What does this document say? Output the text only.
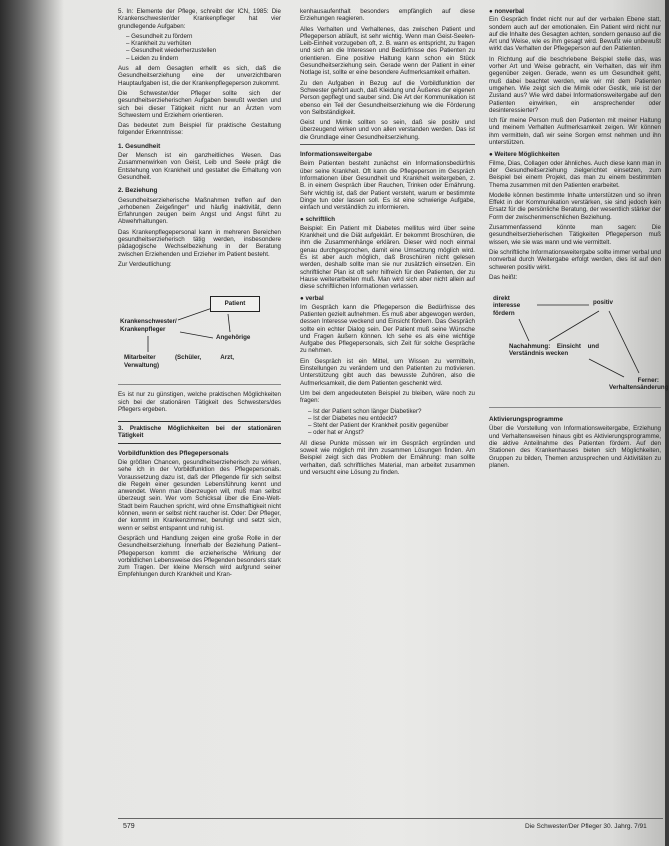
5. In: Elemente der Pflege, schreibt der ICN, 1985: Die Krankenschwester/der Krankenpfleger hat vier grundlegende Aufgaben:

– Gesundheit zu fördern
– Krankheit zu verhüten
– Gesundheit wiederherzustellen
– Leiden zu lindern

Aus all dem Gesagten erhellt es sich, daß die Gesundheitserziehung eine der unverzichtbaren Hauptaufgaben ist, die der Krankenpflegeperson zukommt.

Die Schwester/der Pfleger sollte sich der gesundheitserzieherischen Aufgaben bewußt werden und sich bei dieser Tätigkeit nicht nur an Ärzten vom Schwestern und Erziehern orientieren.

Das bedeutet zum Beispiel für praktische Gestaltung folgender Erkenntnisse:

1. Gesundheit

Der Mensch ist ein ganzheitliches Wesen. Das Zusammenwirken von Geist, Leib und Seele prägt die Entstehung von Krankheit und gestaltet die Erhaltung von Gesundheit.

2. Beziehung

Gesundheitserzieherische Maßnahmen treffen auf den „erhobenen Zeigefinger“ und häufig inaktivität, denn Erfahrungen zeugen beim Angst und Angst führt zu Abwehrhaltungen.

Das Krankenpflegepersonal kann in mehreren Bereichen gesundheitserzieherisch tätig werden, insbesondere pädagogische Wechselbeziehung in der Beratung zwischen Erziehenden und Erzieher im Patient besteht.

Zur Verdeutlichung:

Patient
Krankenschwester/ Krankenpfleger
Angehörige
Mitarbeiter (Schüler, Arzt, Verwaltung)

Es ist nur zu günstigen, welche praktischen Möglichkeiten sich bei der stationären Tätigkeit des Schwesters/des Pflegers ergeben.

3. Praktische Möglichkeiten bei der stationären Tätigkeit
Vorbildfunktion des Pflegepersonals

Die größten Chancen, gesundheitserzieherisch zu wirken, sehe ich in der Vorbildfunktion des Pflegepersonals. Voraussetzung dazu ist, daß der Pflegende für sich selbst die Regeln einer gesunden Lebensführung kennt und anwendet. Wenn man überzeugen will, muß man selbst überzeugt sein. Wer vom Schicksal über die Eine-Welt-Stadt beim Rauchen spricht, wird ohne Ernsthaftigkeit nicht können, wenn er selbst nicht raucher ist. Oder: Der Pfleger, der kommt im Krankenzimmer, beruhigt und setzt sich, wenn er selbst entspannt und ruhig ist.

Gespräch und Handlung zeigen eine große Rolle in der Gesundheitserziehung. Innerhalb der Beziehung Patient–Pflegeperson kommt die erzieherische Wirkung der vorbildlichen Lebensweise des Pflegenden besonders stark zum Tragen. Der kleine Mensch wird aufgrund seiner Empfehlungen durch Krankheit und Kran-

kenhausaufenthalt besonders empfänglich auf diese Erziehungen reagieren.

Alles Verhalten und Verhaltenes, das zwischen Patient und Pflegeperson abläuft, ist sehr wichtig. Wenn man Geist-Seelen-Leib-Einheit vorzugeben oft, z. B. wann es entspricht, zu fragen und sich an die Interessen und Bedürfnisse des Patienten zu orientieren. Eine positive Haltung kann schon ein Stück Gesundheitserziehung sein. Gerade wenn der Patient in einer Notlage ist, sollte er eine besondere Aufmerksamkeit erhalten.

Zu den Aufgaben in Bezug auf die Vorbildfunktion der Schwester gehört auch, daß Kleidung und Äußeres der eigenen Person gepflegt und sauber sind. Die Art der Kommunikation ist ebenso ein Teil der Gesundheitserziehung wie die Förderung von Selbständigkeit.

Geist und Mimik sollten so sein, daß sie positiv und überzeugend wirken und von allen verstanden werden. Das ist die Grundlage einer Gesundheitserziehung.

Informationsweitergabe

Beim Patienten besteht zunächst ein Informationsbedürfnis über seine Krankheit. Oft kann die Pflegeperson im Gespräch Informationen über Gesundheit und Krankheit weitergeben, z. B. in einem Gespräch über Rauchen, Trinken oder Ernährung. Sehr wichtig ist, daß der Patient versteht, warum er bestimmte Dinge tun oder lassen soll. Es ist eine schwierige Aufgabe, einfach und verständlich zu informieren.

● schriftlich

Beispiel: Ein Patient mit Diabetes mellitus wird über seine Krankheit und die Diät aufgeklärt. Er bekommt Broschüren, die ihm die Zusammenhänge erklären. Dieser wird noch einmal genau durchgesprochen, damit eine Umsetzung möglich wird. Es ist aber auch möglich, daß Broschüren nicht gelesen werden, deshalb sollte man sie nur zusätzlich einsetzen. Ein schriftlicher Plan ist oft sehr hilfreich für den Patienten, der zu Hause weiterarbeiten muß. Man wird sich aber nicht allein auf diese schriftlichen Informationen verlassen.

● verbal

Im Gespräch kann die Pflegeperson die Bedürfnisse des Patienten gezielt aufnehmen. Es muß aber abgewogen werden, dessen Interesse weckend und Einsicht fördern. Das Gespräch sollte ein echter Dialog sein. Der Patient muß seine Wünsche und Fragen äußern können. Ich sehe es als eine wichtige Aufgabe des Pflegepersonals, sich Zeit für solche Gespräche zu nehmen.

Ein Gespräch ist ein Mittel, um Wissen zu vermitteln, Einstellungen zu verändern und den Patienten zu motivieren. Unterstützung gibt auch das bewusste Zuhören, also die Aufmerksamkeit, die dem Patienten geschenkt wird.

Um bei dem angedeuteten Beispiel zu bleiben, wäre noch zu fragen:

– Ist der Patient schon länger Diabetiker?
– Ist der Diabetes neu entdeckt?
– Steht der Patient der Krankheit positiv gegenüber
– oder hat er Angst?

All diese Punkte müssen wir im Gespräch ergründen und soweit wie möglich mit ihm zusammen Lösungen finden. Am Beispiel zeigt sich das Problem der Ernährung: man sollte verhalten, daß schriftliches Material, man arbeitet zusammen und versucht eine Lösung zu finden.

● nonverbal

Ein Gespräch findet nicht nur auf der verbalen Ebene statt, sondern auch auf der emotionalen. Ein Patient wird nicht nur auf die Inhalte des Gesagten achten, sondern genauso auf die Art und Weise, wie es ihm gesagt wird. Bewußt wie unbewußt wirkt das Verhalten der Pflegeperson auf den Patienten.

In Richtung auf die beschriebene Beispiel stelle das, was vorher Art und Weise gebracht, ein Verhalten, das wir ihm gegenüber zeigen. Gerade, wenn es um Gesundheit geht, muß dabei beachtet werden, wie wir mit dem Patienten umgehen. Wie zeigt sich die Mimik oder Gestik, wie ist der Zustand aus? Wie wird dabei Informationsweitergabe auf den Patienten einwirken, ein ansprechender oder desinteressierter?

Ich für meine Person muß den Patienten mit meiner Haltung und meinem Verhalten Aufmerksamkeit zeigen. Wir können ihm vermitteln, daß wir seine Sorgen ernst nehmen und ihn unterstützen.

● Weitere Möglichkeiten

Filme, Dias, Collagen oder ähnliches. Auch diese kann man in der Gesundheitserziehung zielgerichtet einsetzen, zum Beispiel bei einem Projekt, das man zu einem bestimmten Thema zusammen mit den Patienten erarbeitet.

Modelle können bestimmte Inhalte unterstützen und so ihren Effekt in der Kommunikation verstärken, sie sind jedoch kein Ersatz für die persönliche Beratung, der wesentlich stärker der Form der zwischenmenschlichen Beziehung.

Zusammenfassend könnte man sagen: Die gesundheitserzieherischen Tätigkeiten Pflegeperson muß wissen, wie sie was wann und wie vermittelt.

Die schriftliche Informationsweitergabe sollte immer verbal und nonverbal durch Weitergabe erfolgt werden, dies ist auf den schweren positiv wirkt.

Das heißt:

direkt interesse fördern
positiv
Nachahmung: Einsicht und Verständnis wecken
Ferner: Verhaltensänderung
Aktivierungsprogramme

Über die Vorstellung von Informationsweitergabe, Erziehung und Verhaltensweisen hinaus gibt es Aktivierungsprogramme, die aktive Anteilnahme des Patienten fördern. Auf den Stationen des Krankenhauses bieten sich Möglichkeiten, Gruppen zu bilden, Themen anzusprechen und Aktivitäten zu planen.

579	Die Schwester/Der Pfleger 30. Jahrg. 7/91
